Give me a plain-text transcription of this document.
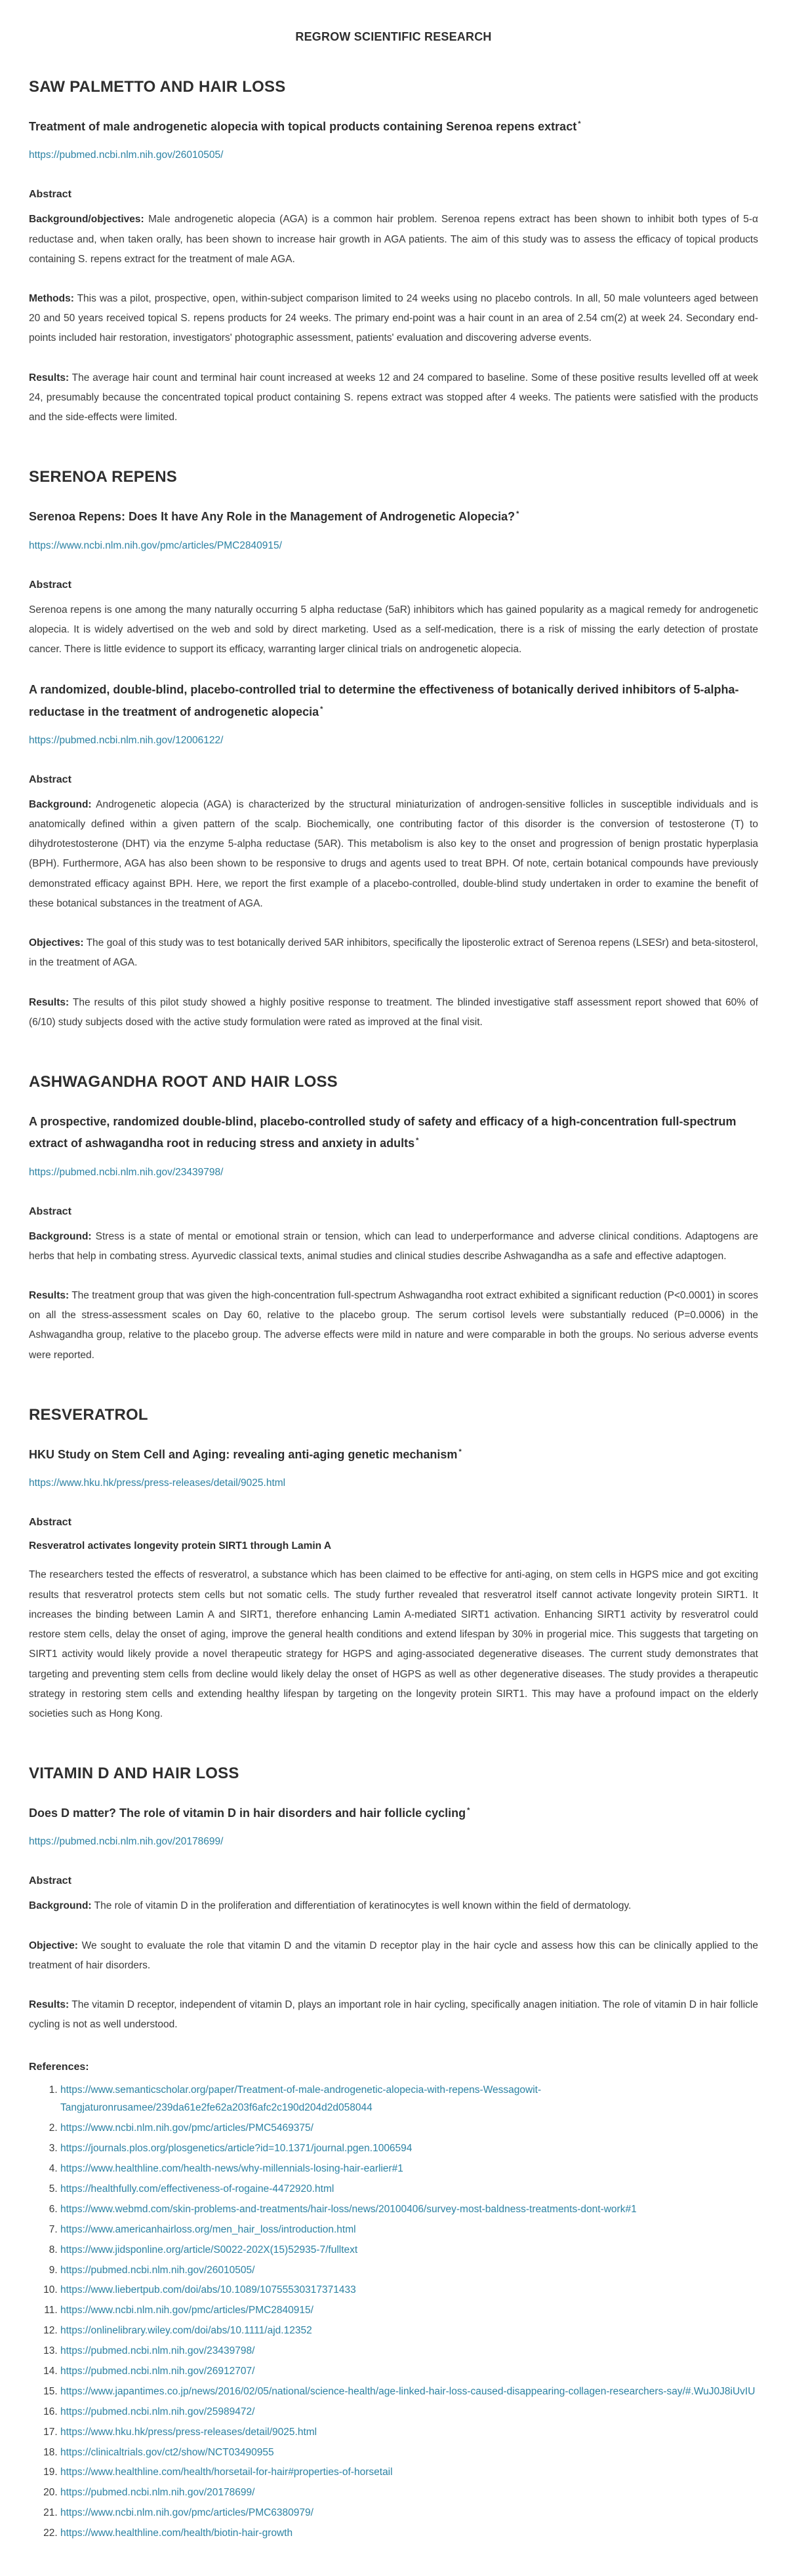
REGROW SCIENTIFIC RESEARCH
SAW PALMETTO AND HAIR LOSS
Treatment of male androgenetic alopecia with topical products containing Serenoa repens extract *
https://pubmed.ncbi.nlm.nih.gov/26010505/

Abstract

Background/objectives: Male androgenetic alopecia (AGA) is a common hair problem. Serenoa repens extract has been shown to inhibit both types of 5-α reductase and, when taken orally, has been shown to increase hair growth in AGA patients. The aim of this study was to assess the efficacy of topical products containing S. repens extract for the treatment of male AGA.

Methods: This was a pilot, prospective, open, within-subject comparison limited to 24 weeks using no placebo controls. In all, 50 male volunteers aged between 20 and 50 years received topical S. repens products for 24 weeks. The primary end-point was a hair count in an area of 2.54 cm(2) at week 24. Secondary end-points included hair restoration, investigators' photographic assessment, patients' evaluation and discovering adverse events.

Results: The average hair count and terminal hair count increased at weeks 12 and 24 compared to baseline. Some of these positive results levelled off at week 24, presumably because the concentrated topical product containing S. repens extract was stopped after 4 weeks. The patients were satisfied with the products and the side-effects were limited.

SERENOA REPENS
Serenoa Repens: Does It have Any Role in the Management of Androgenetic Alopecia? *
https://www.ncbi.nlm.nih.gov/pmc/articles/PMC2840915/

Abstract

Serenoa repens is one among the many naturally occurring 5 alpha reductase (5aR) inhibitors which has gained popularity as a magical remedy for androgenetic alopecia. It is widely advertised on the web and sold by direct marketing. Used as a self-medication, there is a risk of missing the early detection of prostate cancer. There is little evidence to support its efficacy, warranting larger clinical trials on androgenetic alopecia.

A randomized, double-blind, placebo-controlled trial to determine the effectiveness of botanically derived inhibitors of 5-alpha-reductase in the treatment of androgenetic alopecia *
https://pubmed.ncbi.nlm.nih.gov/12006122/

Abstract

Background: Androgenetic alopecia (AGA) is characterized by the structural miniaturization of androgen-sensitive follicles in susceptible individuals and is anatomically defined within a given pattern of the scalp. Biochemically, one contributing factor of this disorder is the conversion of testosterone (T) to dihydrotestosterone (DHT) via the enzyme 5-alpha reductase (5AR). This metabolism is also key to the onset and progression of benign prostatic hyperplasia (BPH). Furthermore, AGA has also been shown to be responsive to drugs and agents used to treat BPH. Of note, certain botanical compounds have previously demonstrated efficacy against BPH. Here, we report the first example of a placebo-controlled, double-blind study undertaken in order to examine the benefit of these botanical substances in the treatment of AGA.

Objectives: The goal of this study was to test botanically derived 5AR inhibitors, specifically the liposterolic extract of Serenoa repens (LSESr) and beta-sitosterol, in the treatment of AGA.

Results: The results of this pilot study showed a highly positive response to treatment. The blinded investigative staff assessment report showed that 60% of (6/10) study subjects dosed with the active study formulation were rated as improved at the final visit.

ASHWAGANDHA ROOT AND HAIR LOSS
A prospective, randomized double-blind, placebo-controlled study of safety and efficacy of a high-concentration full-spectrum extract of ashwagandha root in reducing stress and anxiety in adults *
https://pubmed.ncbi.nlm.nih.gov/23439798/

Abstract

Background: Stress is a state of mental or emotional strain or tension, which can lead to underperformance and adverse clinical conditions. Adaptogens are herbs that help in combating stress. Ayurvedic classical texts, animal studies and clinical studies describe Ashwagandha as a safe and effective adaptogen.

Results: The treatment group that was given the high-concentration full-spectrum Ashwagandha root extract exhibited a significant reduction (P<0.0001) in scores on all the stress-assessment scales on Day 60, relative to the placebo group. The serum cortisol levels were substantially reduced (P=0.0006) in the Ashwagandha group, relative to the placebo group. The adverse effects were mild in nature and were comparable in both the groups. No serious adverse events were reported.

RESVERATROL
HKU Study on Stem Cell and Aging: revealing anti-aging genetic mechanism *
https://www.hku.hk/press/press-releases/detail/9025.html

Abstract

Resveratrol activates longevity protein SIRT1 through Lamin A

The researchers tested the effects of resveratrol, a substance which has been claimed to be effective for anti-aging, on stem cells in HGPS mice and got exciting results that resveratrol protects stem cells but not somatic cells. The study further revealed that resveratrol itself cannot activate longevity protein SIRT1. It increases the binding between Lamin A and SIRT1, therefore enhancing Lamin A-mediated SIRT1 activation. Enhancing SIRT1 activity by resveratrol could restore stem cells, delay the onset of aging, improve the general health conditions and extend lifespan by 30% in progerial mice. This suggests that targeting on SIRT1 activity would likely provide a novel therapeutic strategy for HGPS and aging-associated degenerative diseases. The current study demonstrates that targeting and preventing stem cells from decline would likely delay the onset of HGPS as well as other degenerative diseases. The study provides a therapeutic strategy in restoring stem cells and extending healthy lifespan by targeting on the longevity protein SIRT1. This may have a profound impact on the elderly societies such as Hong Kong.

VITAMIN D AND HAIR LOSS
Does D matter? The role of vitamin D in hair disorders and hair follicle cycling *
https://pubmed.ncbi.nlm.nih.gov/20178699/

Abstract

Background: The role of vitamin D in the proliferation and differentiation of keratinocytes is well known within the field of dermatology.

Objective: We sought to evaluate the role that vitamin D and the vitamin D receptor play in the hair cycle and assess how this can be clinically applied to the treatment of hair disorders.

Results: The vitamin D receptor, independent of vitamin D, plays an important role in hair cycling, specifically anagen initiation. The role of vitamin D in hair follicle cycling is not as well understood.

References:

1. https://www.semanticscholar.org/paper/Treatment-of-male-androgenetic-alopecia-with-repens-Wessagowit-Tangjaturonrusamee/239da61e2fe62a203f6afc2c190d204d2d058044
2. https://www.ncbi.nlm.nih.gov/pmc/articles/PMC5469375/
3. https://journals.plos.org/plosgenetics/article?id=10.1371/journal.pgen.1006594
4. https://www.healthline.com/health-news/why-millennials-losing-hair-earlier#1
5. https://healthfully.com/effectiveness-of-rogaine-4472920.html
6. https://www.webmd.com/skin-problems-and-treatments/hair-loss/news/20100406/survey-most-baldness-treatments-dont-work#1
7. https://www.americanhairloss.org/men_hair_loss/introduction.html
8. https://www.jidsponline.org/article/S0022-202X(15)52935-7/fulltext
9. https://pubmed.ncbi.nlm.nih.gov/26010505/
10. https://www.liebertpub.com/doi/abs/10.1089/10755530317371433
11. https://www.ncbi.nlm.nih.gov/pmc/articles/PMC2840915/
12. https://onlinelibrary.wiley.com/doi/abs/10.1111/ajd.12352
13. https://pubmed.ncbi.nlm.nih.gov/23439798/
14. https://pubmed.ncbi.nlm.nih.gov/26912707/
15. https://www.japantimes.co.jp/news/2016/02/05/national/science-health/age-linked-hair-loss-caused-disappearing-collagen-researchers-say/#.WuJ0J8iUvIU
16. https://pubmed.ncbi.nlm.nih.gov/25989472/
17. https://www.hku.hk/press/press-releases/detail/9025.html
18. https://clinicaltrials.gov/ct2/show/NCT03490955
19. https://www.healthline.com/health/horsetail-for-hair#properties-of-horsetail
20. https://pubmed.ncbi.nlm.nih.gov/20178699/
21. https://www.ncbi.nlm.nih.gov/pmc/articles/PMC6380979/
22. https://www.healthline.com/health/biotin-hair-growth
